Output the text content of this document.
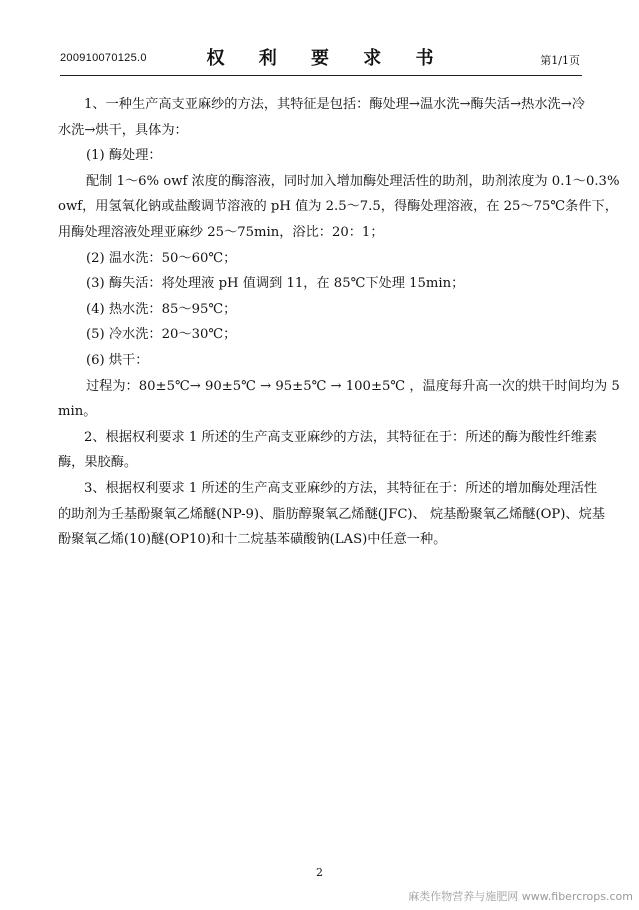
200910070125.0	权 利 要 求 书	第1/1页
1、一种生产高支亚麻纱的方法，其特征是包括：酶处理→温水洗→酶失活→热水洗→冷
水洗→烘干，具体为：
(1) 酶处理：
配制 1～6% owf 浓度的酶溶液，同时加入增加酶处理活性的助剂，助剂浓度为 0.1～0.3%
owf，用氢氧化钠或盐酸调节溶液的 pH 值为 2.5～7.5，得酶处理溶液，在 25～75℃条件下，
用酶处理溶液处理亚麻纱 25～75min，浴比：20：1；
(2) 温水洗：50～60℃；
(3) 酶失活：将处理液 pH 值调到 11，在 85℃下处理 15min；
(4) 热水洗：85～95℃；
(5) 冷水洗：20～30℃；
(6) 烘干：
过程为：80±5℃→ 90±5℃ → 95±5℃ → 100±5℃ ，温度每升高一次的烘干时间均为 5
min。
2、根据权利要求 1 所述的生产高支亚麻纱的方法，其特征在于：所述的酶为酸性纤维素
酶，果胶酶。
3、根据权利要求 1 所述的生产高支亚麻纱的方法，其特征在于：所述的增加酶处理活性
的助剂为壬基酚聚氧乙烯醚(NP-9)、脂肪醇聚氧乙烯醚(JFC)、 烷基酚聚氧乙烯醚(OP)、烷基
酚聚氧乙烯(10)醚(OP10)和十二烷基苯磺酸钠(LAS)中任意一种。
2
麻类作物营养与施肥网 www.fibercrops.com
